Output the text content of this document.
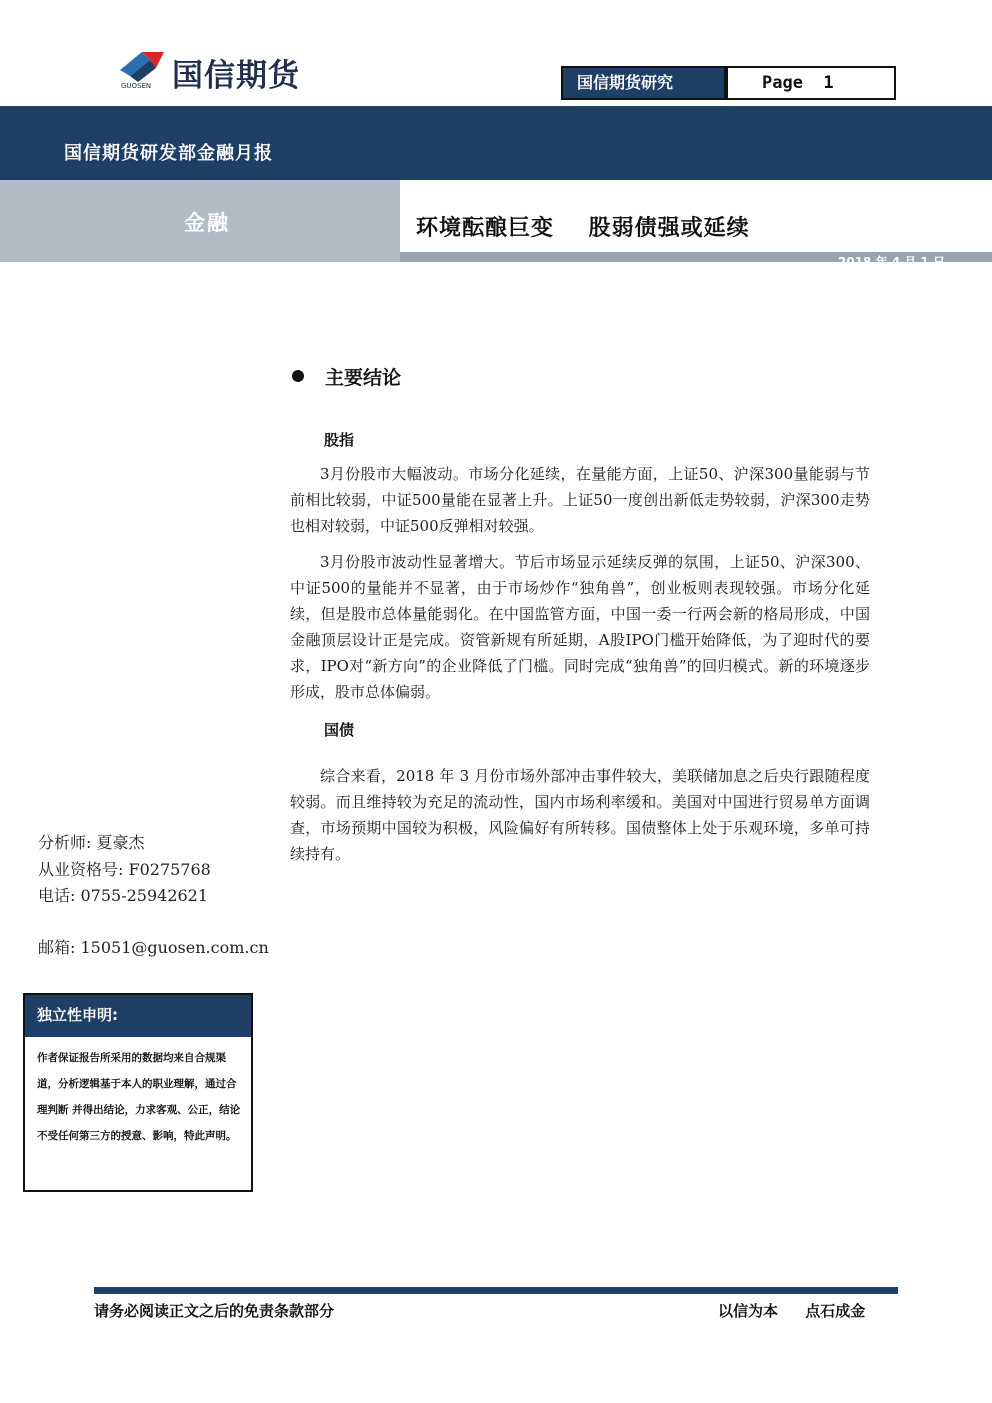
国信期货
GUOSEN	国信期货研究	Page  1
国信期货研发部金融月报
金融	环境酝酿巨变    股弱债强或延续
2018 年 4 月 1 日
主要结论
股指

3月份股市大幅波动。市场分化延续，在量能方面，上证50、沪深300量能弱与节前相比较弱，中证500量能在显著上升。上证50一度创出新低走势较弱，沪深300走势也相对较弱，中证500反弹相对较强。

3月份股市波动性显著增大。节后市场显示延续反弹的氛围，上证50、沪深300、中证500的量能并不显著，由于市场炒作“独角兽”，创业板则表现较强。市场分化延续，但是股市总体量能弱化。在中国监管方面，中国一委一行两会新的格局形成，中国金融顶层设计正是完成。资管新规有所延期，A股IPO门槛开始降低，为了迎时代的要求，IPO对“新方向”的企业降低了门槛。同时完成“独角兽”的回归模式。新的环境逐步形成，股市总体偏弱。

国债

综合来看，2018 年 3 月份市场外部冲击事件较大，美联储加息之后央行跟随程度较弱。而且维持较为充足的流动性，国内市场利率缓和。美国对中国进行贸易单方面调查，市场预期中国较为积极，风险偏好有所转移。国债整体上处于乐观环境，多单可持续持有。

分析师: 夏豪杰
从业资格号: F0275768
电话: 0755-25942621
邮箱: 15051@guosen.com.cn
独立性申明:
作者保证报告所采用的数据均来自合规渠道，分析逻辑基于本人的职业理解，通过合理判断 并得出结论，力求客观、公正，结论不受任何第三方的授意、影响，特此声明。
请务必阅读正文之后的免责条款部分	以信为本 点石成金
